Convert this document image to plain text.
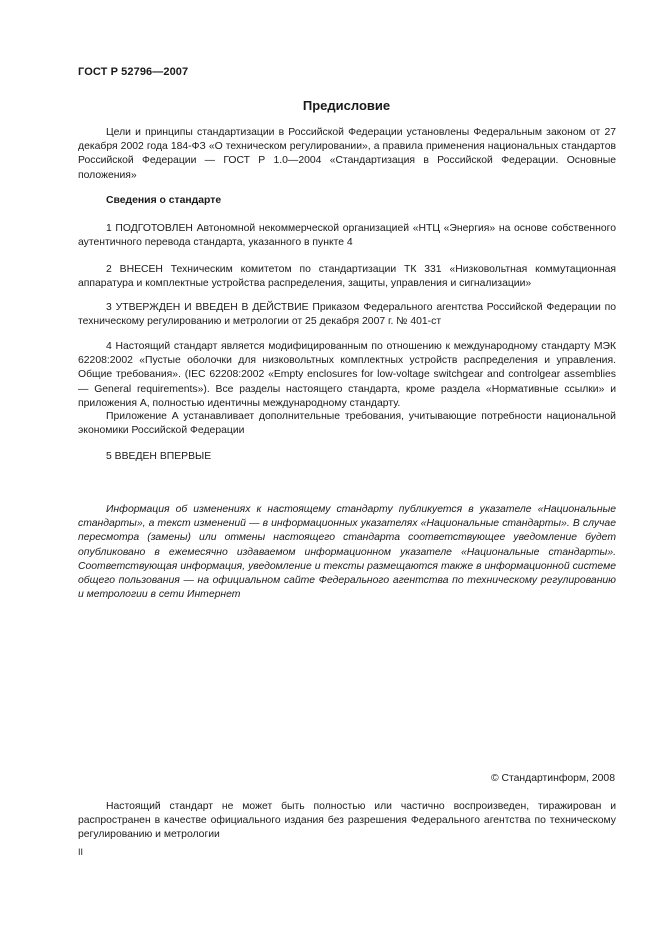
ГОСТ Р 52796—2007
Предисловие
Цели и принципы стандартизации в Российской Федерации установлены Федеральным законом от 27 декабря 2002 года 184-ФЗ «О техническом регулировании», а правила применения национальных стандартов Российской Федерации — ГОСТ Р 1.0—2004 «Стандартизация в Российской Федерации. Основные положения»
Сведения о стандарте
1 ПОДГОТОВЛЕН Автономной некоммерческой организацией «НТЦ «Энергия» на основе собственного аутентичного перевода стандарта, указанного в пункте 4
2 ВНЕСЕН Техническим комитетом по стандартизации ТК 331 «Низковольтная коммутационная аппаратура и комплектные устройства распределения, защиты, управления и сигнализации»
3 УТВЕРЖДЕН И ВВЕДЕН В ДЕЙСТВИЕ Приказом Федерального агентства Российской Федерации по техническому регулированию и метрологии от 25 декабря 2007 г. № 401-ст
4 Настоящий стандарт является модифицированным по отношению к международному стандарту МЭК 62208:2002 «Пустые оболочки для низковольтных комплектных устройств распределения и управления. Общие требования». (IEC 62208:2002 «Empty enclosures for low-voltage switchgear and controlgear assemblies — General requirements»). Все разделы настоящего стандарта, кроме раздела «Нормативные ссылки» и приложения А, полностью идентичны международному стандарту.
Приложение А устанавливает дополнительные требования, учитывающие потребности национальной экономики Российской Федерации
5 ВВЕДЕН ВПЕРВЫЕ
Информация об изменениях к настоящему стандарту публикуется в указателе «Национальные стандарты», а текст изменений — в информационных указателях «Национальные стандарты». В случае пересмотра (замены) или отмены настоящего стандарта соответствующее уведомление будет опубликовано в ежемесячно издаваемом информационном указателе «Национальные стандарты». Соответствующая информация, уведомление и тексты размещаются также в информационной системе общего пользования — на официальном сайте Федерального агентства по техническому регулированию и метрологии в сети Интернет
© Стандартинформ, 2008
Настоящий стандарт не может быть полностью или частично воспроизведен, тиражирован и распространен в качестве официального издания без разрешения Федерального агентства по техническому регулированию и метрологии
II
